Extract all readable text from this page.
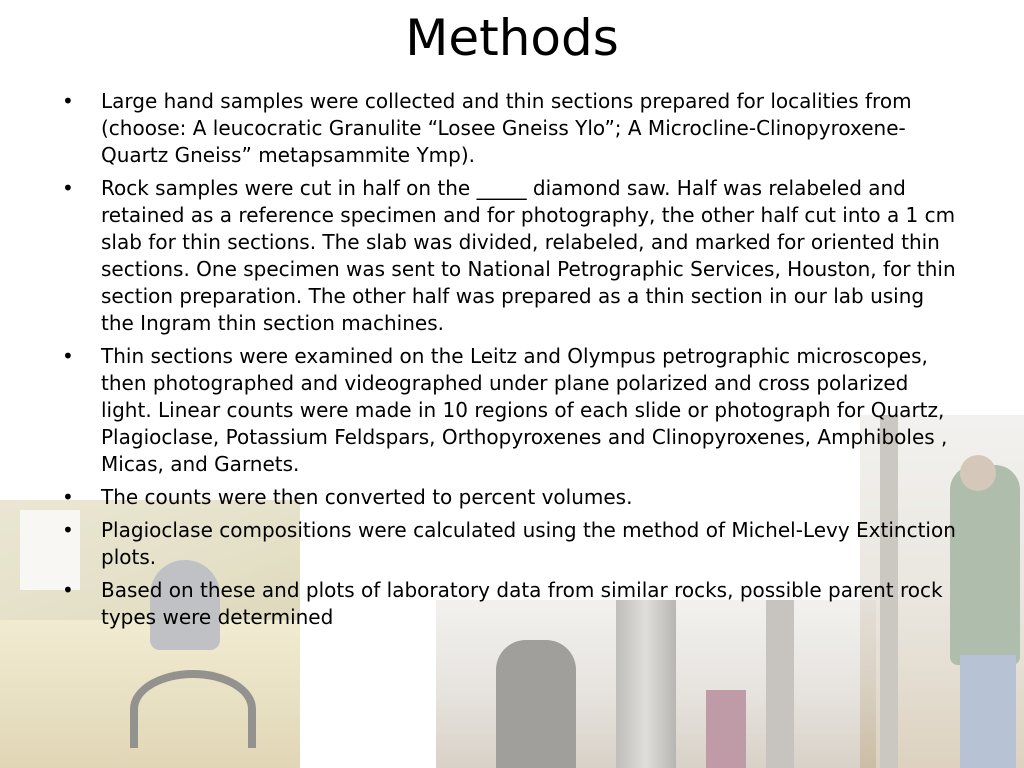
Methods
•	Large hand samples were collected and thin sections prepared for localities from (choose: A leucocratic Granulite “Losee Gneiss Ylo”; A Microcline-Clinopyroxene-Quartz Gneiss” metapsammite Ymp).
•	Rock samples were cut in half on the _____ diamond saw. Half was relabeled and retained as a reference specimen and for photography, the other half cut into a 1 cm slab for thin sections. The slab was divided, relabeled, and marked for oriented thin sections. One specimen was sent to National Petrographic Services, Houston, for thin section preparation. The other half was prepared as a thin section in our lab using the Ingram thin section machines.
•	Thin sections were examined on the Leitz and Olympus petrographic microscopes, then photographed and videographed under plane polarized and cross polarized light. Linear counts were made in 10 regions of each slide or photograph for Quartz, Plagioclase, Potassium Feldspars, Orthopyroxenes and Clinopyroxenes, Amphiboles , Micas, and Garnets.
•	The counts were then converted to percent volumes.
•	Plagioclase compositions were calculated using the method of Michel-Levy Extinction plots.
•	Based on these and plots of laboratory data from similar rocks, possible parent rock types were determined
